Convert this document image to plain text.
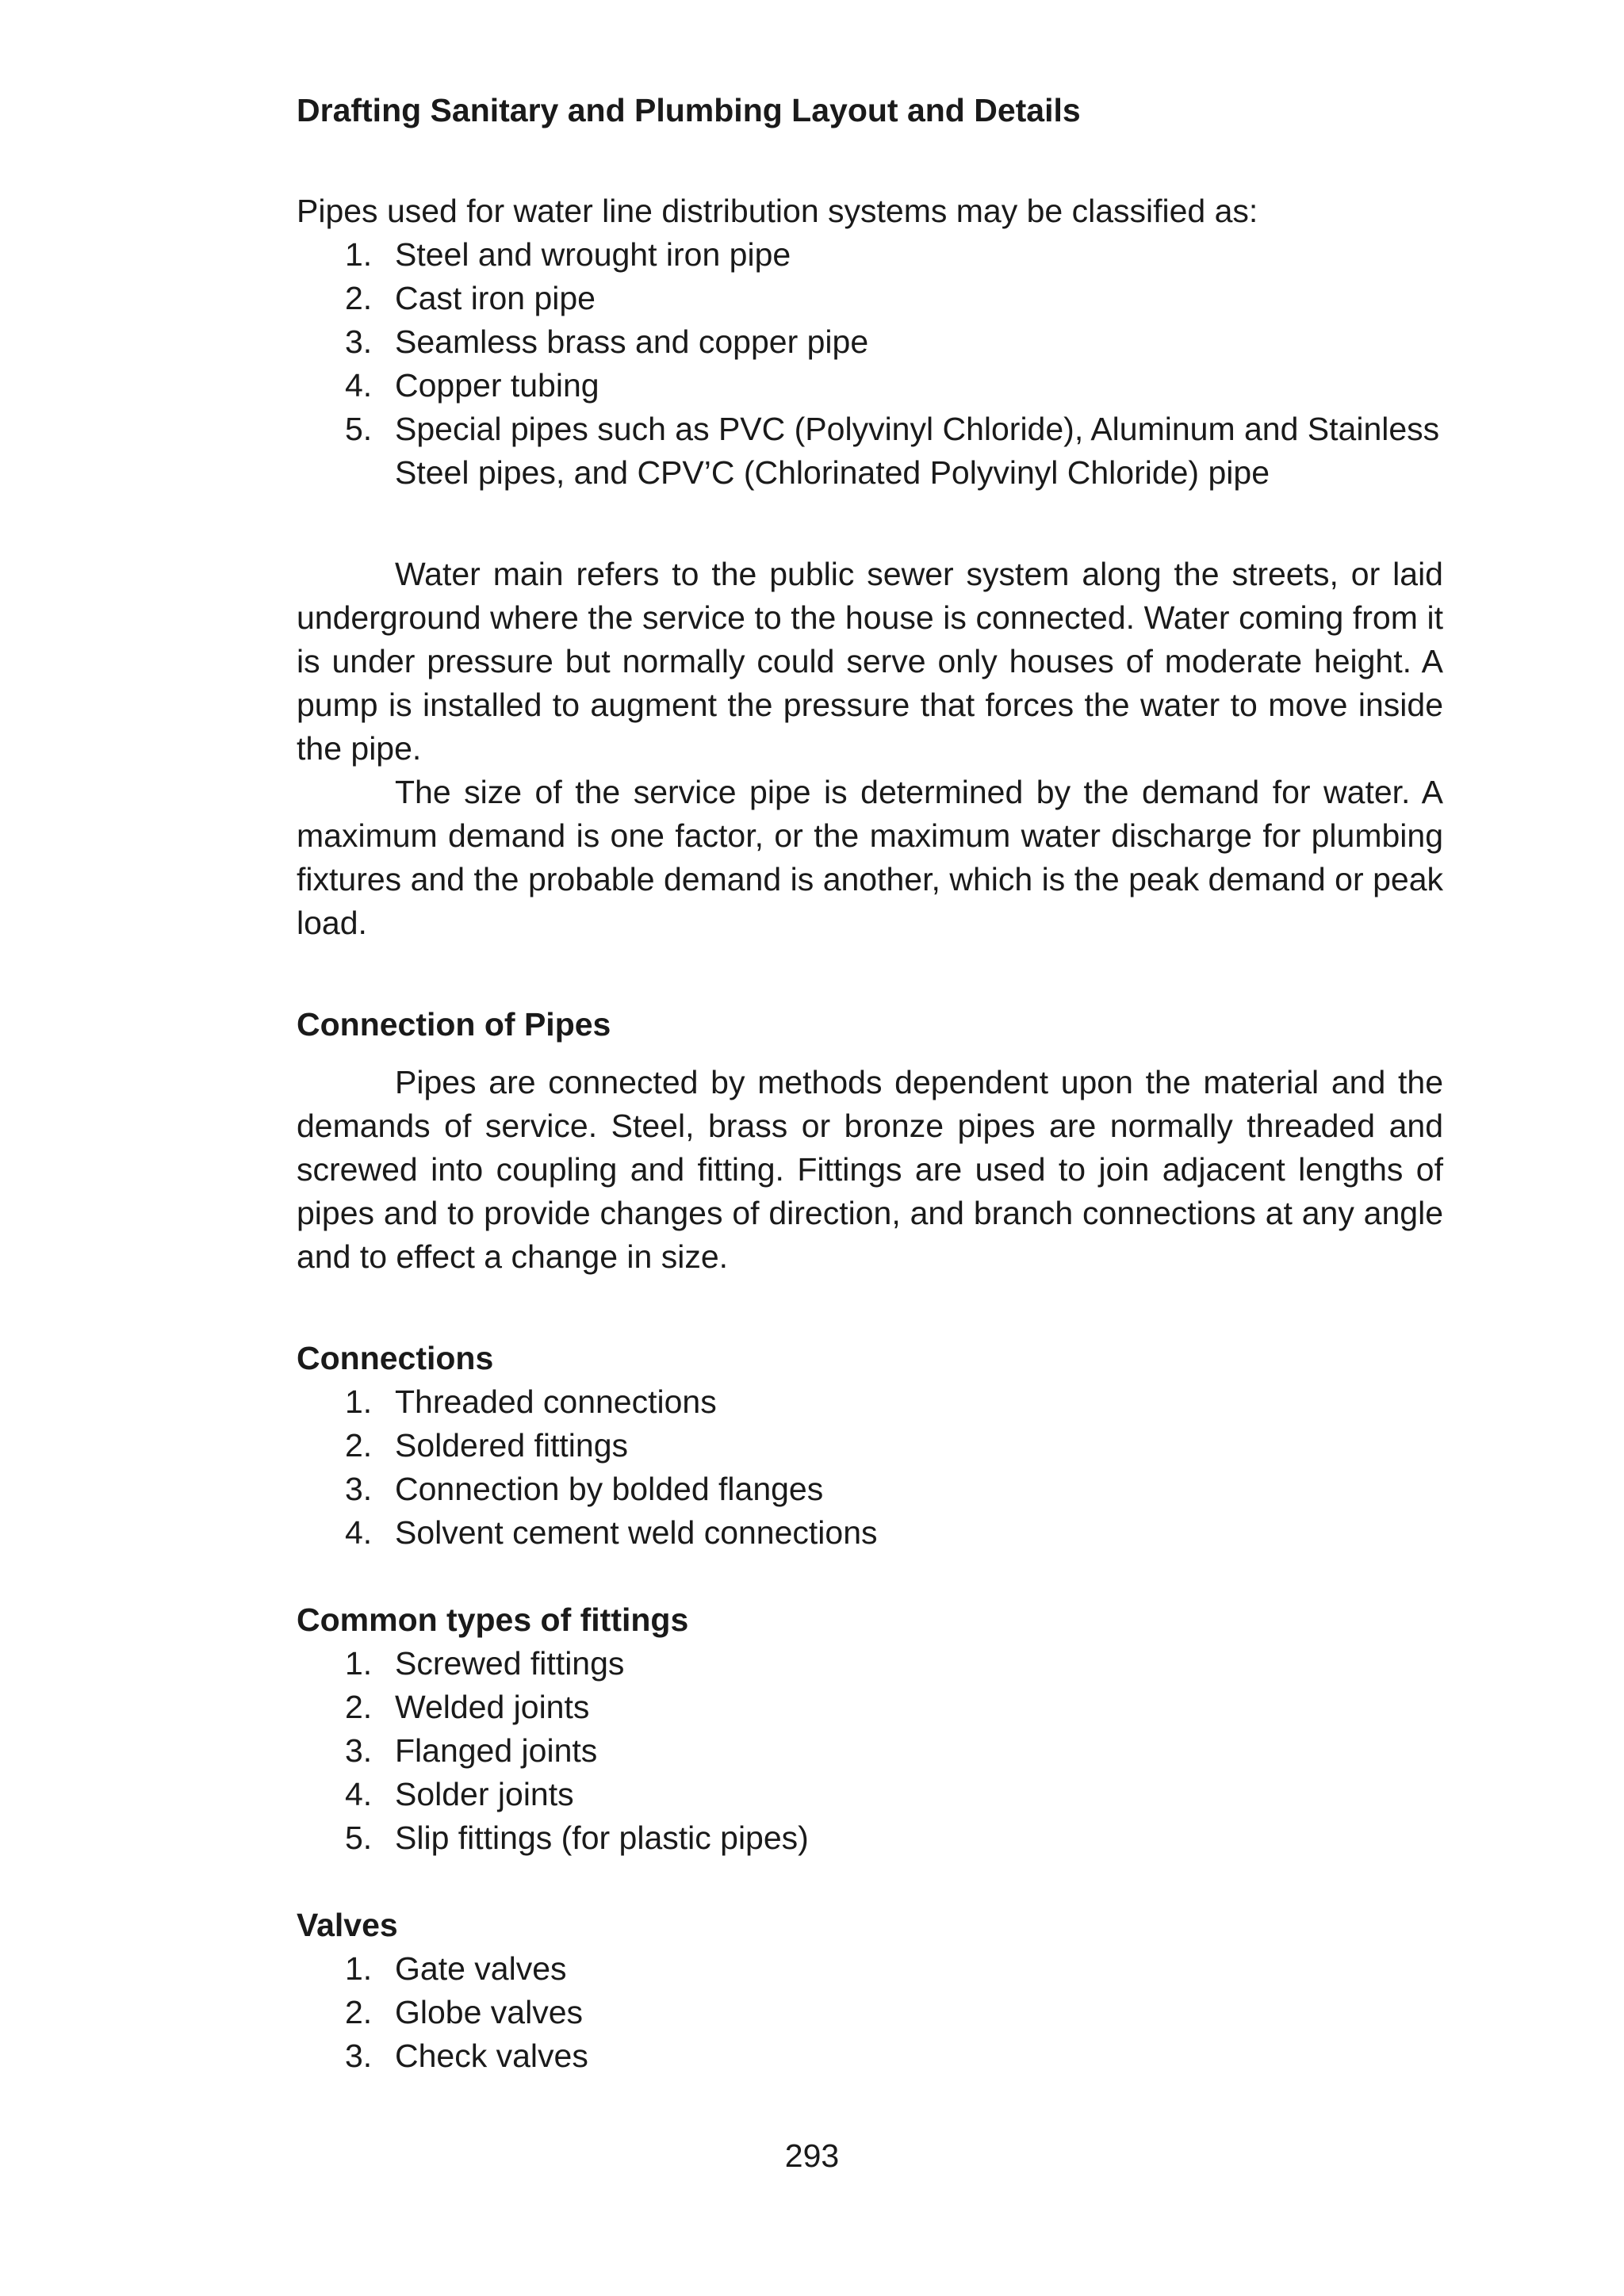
Drafting Sanitary and Plumbing Layout and Details

Pipes used for water line distribution systems may be classified as:

1. Steel and wrought iron pipe
2. Cast iron pipe
3. Seamless brass and copper pipe
4. Copper tubing
5. Special pipes such as PVC (Polyvinyl Chloride), Aluminum and Stainless Steel pipes, and CPV’C (Chlorinated Polyvinyl Chloride) pipe

Water main refers to the public sewer system along the streets, or laid underground where the service to the house is connected. Water coming from it is under pressure but normally could serve only houses of moderate height. A pump is installed to augment the pressure that forces the water to move inside the pipe.

The size of the service pipe is determined by the demand for water. A maximum demand is one factor, or the maximum water discharge for plumbing fixtures and the probable demand is another, which is the peak demand or peak load.

Connection of Pipes

Pipes are connected by methods dependent upon the material and the demands of service. Steel, brass or bronze pipes are normally threaded and screwed into coupling and fitting. Fittings are used to join adjacent lengths of pipes and to provide changes of direction, and branch connections at any angle and to effect a change in size.

Connections

1. Threaded connections
2. Soldered fittings
3. Connection by bolded flanges
4. Solvent cement weld connections

Common types of fittings

1. Screwed fittings
2. Welded joints
3. Flanged joints
4. Solder joints
5. Slip fittings (for plastic pipes)

Valves

1. Gate valves
2. Globe valves
3. Check valves
293
